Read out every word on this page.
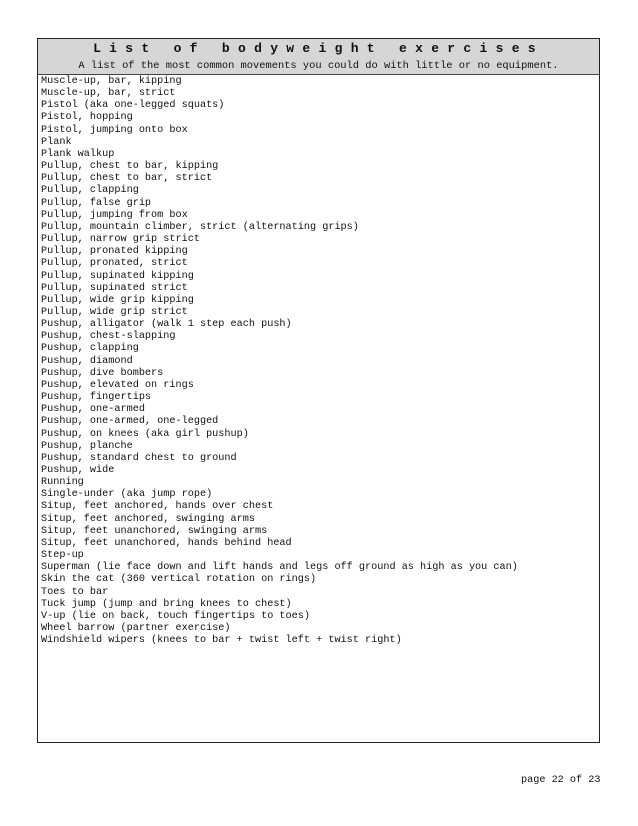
List of bodyweight exercises
A list of the most common movements you could do with little or no equipment.
Muscle-up, bar, kipping
Muscle-up, bar, strict
Pistol (aka one-legged squats)
Pistol, hopping
Pistol, jumping onto box
Plank
Plank walkup
Pullup, chest to bar, kipping
Pullup, chest to bar, strict
Pullup, clapping
Pullup, false grip
Pullup, jumping from box
Pullup, mountain climber, strict (alternating grips)
Pullup, narrow grip strict
Pullup, pronated kipping
Pullup, pronated, strict
Pullup, supinated kipping
Pullup, supinated strict
Pullup, wide grip kipping
Pullup, wide grip strict
Pushup, alligator (walk 1 step each push)
Pushup, chest-slapping
Pushup, clapping
Pushup, diamond
Pushup, dive bombers
Pushup, elevated on rings
Pushup, fingertips
Pushup, one-armed
Pushup, one-armed, one-legged
Pushup, on knees (aka girl pushup)
Pushup, planche
Pushup, standard chest to ground
Pushup, wide
Running
Single-under (aka jump rope)
Situp, feet anchored, hands over chest
Situp, feet anchored, swinging arms
Situp, feet unanchored, swinging arms
Situp, feet unanchored, hands behind head
Step-up
Superman (lie face down and lift hands and legs off ground as high as you can)
Skin the cat (360 vertical rotation on rings)
Toes to bar
Tuck jump (jump and bring knees to chest)
V-up (lie on back, touch fingertips to toes)
Wheel barrow (partner exercise)
Windshield wipers (knees to bar + twist left + twist right)
page 22 of 23
